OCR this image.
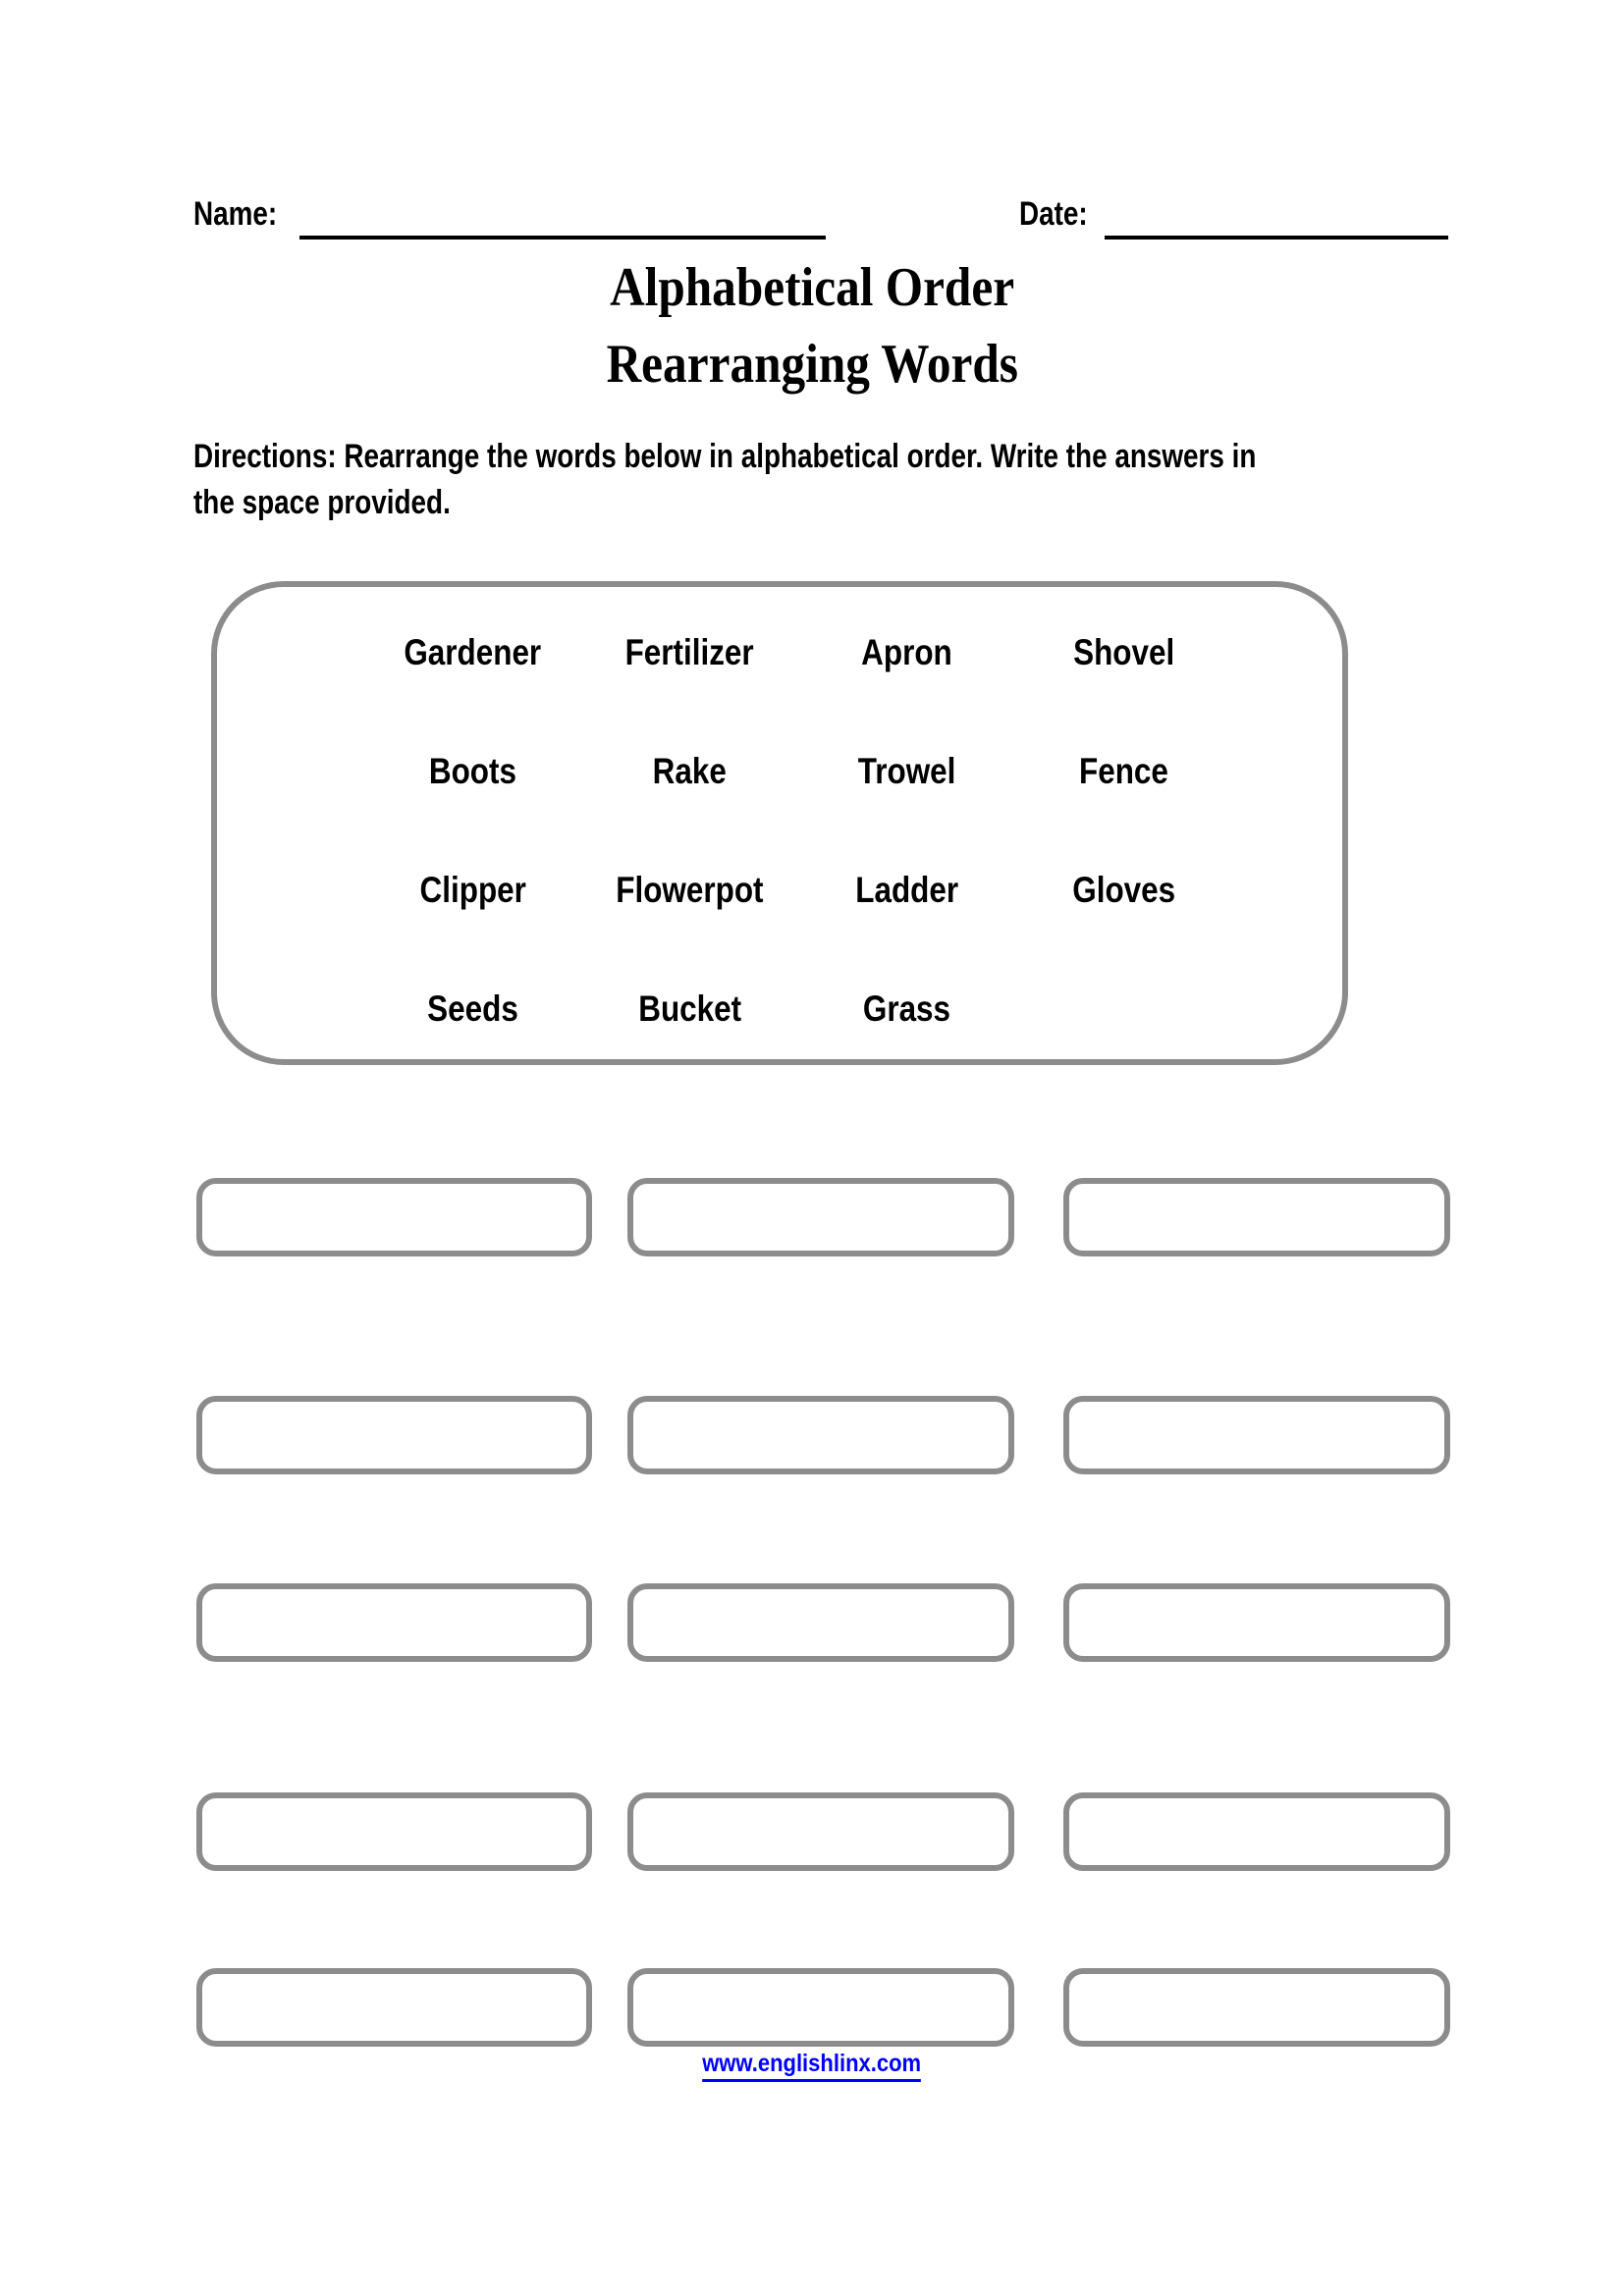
Name:	Date:
Alphabetical Order
Rearranging Words
Directions: Rearrange the words below in alphabetical order. Write the answers in the space provided.
Gardener	Fertilizer	Apron	Shovel
Boots	Rake	Trowel	Fence
Clipper	Flowerpot	Ladder	Gloves
Seeds	Bucket	Grass
www.englishlinx.com
